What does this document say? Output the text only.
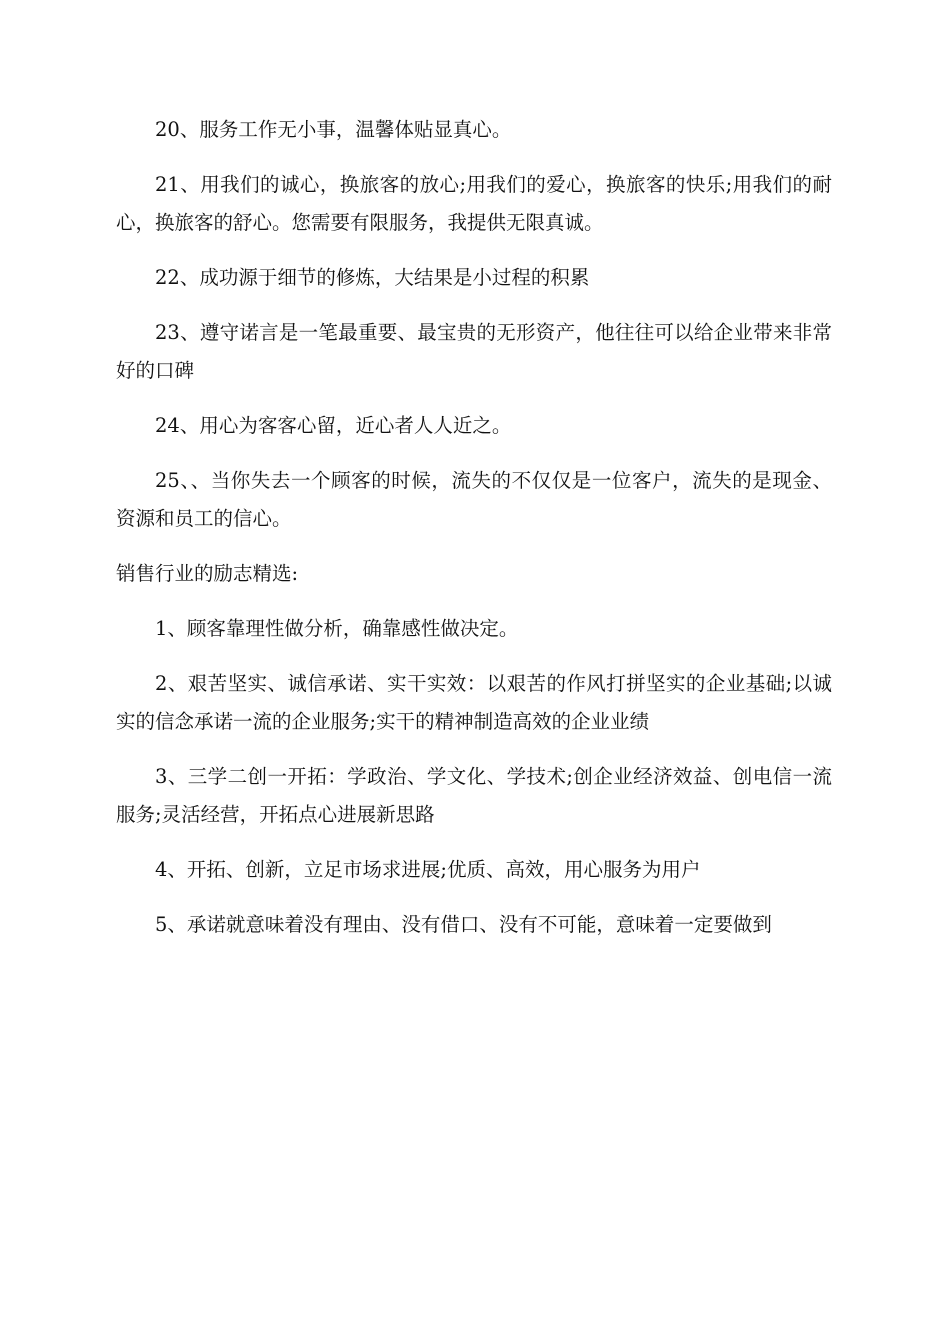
20、服务工作无小事，温馨体贴显真心。

21、用我们的诚心，换旅客的放心;用我们的爱心，换旅客的快乐;用我们的耐心，换旅客的舒心。您需要有限服务，我提供无限真诚。

22、成功源于细节的修炼，大结果是小过程的积累

23、遵守诺言是一笔最重要、最宝贵的无形资产，他往往可以给企业带来非常好的口碑

24、用心为客客心留，近心者人人近之。

25、、当你失去一个顾客的时候，流失的不仅仅是一位客户，流失的是现金、资源和员工的信心。

销售行业的励志精选:

1、顾客靠理性做分析，确靠感性做决定。

2、艰苦坚实、诚信承诺、实干实效：以艰苦的作风打拼坚实的企业基础;以诚实的信念承诺一流的企业服务;实干的精神制造高效的企业业绩

3、三学二创一开拓：学政治、学文化、学技术;创企业经济效益、创电信一流服务;灵活经营，开拓点心进展新思路

4、开拓、创新，立足市场求进展;优质、高效，用心服务为用户

5、承诺就意味着没有理由、没有借口、没有不可能，意味着一定要做到
